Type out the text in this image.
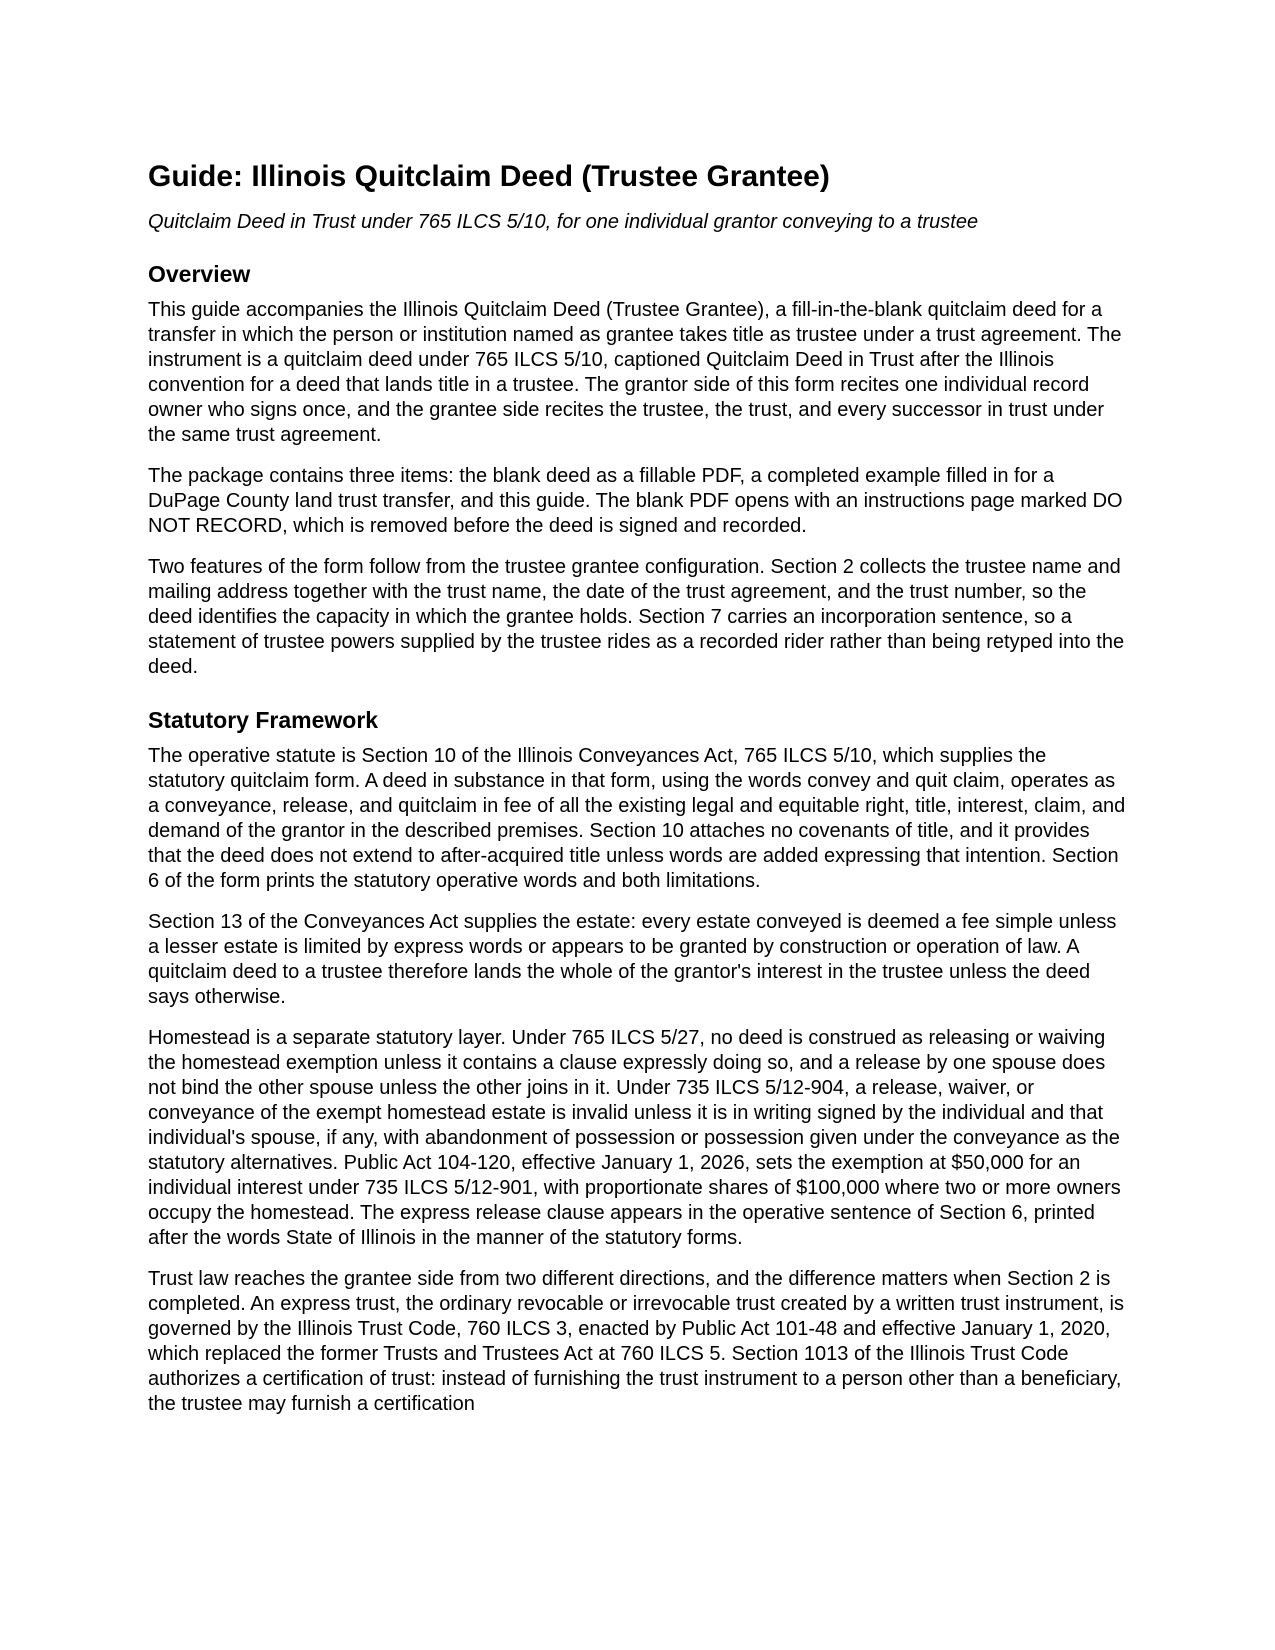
Guide: Illinois Quitclaim Deed (Trustee Grantee)

Quitclaim Deed in Trust under 765 ILCS 5/10, for one individual grantor conveying to a trustee

Overview

This guide accompanies the Illinois Quitclaim Deed (Trustee Grantee), a fill-in-the-blank quitclaim deed for a transfer in which the person or institution named as grantee takes title as trustee under a trust agreement. The instrument is a quitclaim deed under 765 ILCS 5/10, captioned Quitclaim Deed in Trust after the Illinois convention for a deed that lands title in a trustee. The grantor side of this form recites one individual record owner who signs once, and the grantee side recites the trustee, the trust, and every successor in trust under the same trust agreement.

The package contains three items: the blank deed as a fillable PDF, a completed example filled in for a DuPage County land trust transfer, and this guide. The blank PDF opens with an instructions page marked DO NOT RECORD, which is removed before the deed is signed and recorded.

Two features of the form follow from the trustee grantee configuration. Section 2 collects the trustee name and mailing address together with the trust name, the date of the trust agreement, and the trust number, so the deed identifies the capacity in which the grantee holds. Section 7 carries an incorporation sentence, so a statement of trustee powers supplied by the trustee rides as a recorded rider rather than being retyped into the deed.

Statutory Framework

The operative statute is Section 10 of the Illinois Conveyances Act, 765 ILCS 5/10, which supplies the statutory quitclaim form. A deed in substance in that form, using the words convey and quit claim, operates as a conveyance, release, and quitclaim in fee of all the existing legal and equitable right, title, interest, claim, and demand of the grantor in the described premises. Section 10 attaches no covenants of title, and it provides that the deed does not extend to after-acquired title unless words are added expressing that intention. Section 6 of the form prints the statutory operative words and both limitations.

Section 13 of the Conveyances Act supplies the estate: every estate conveyed is deemed a fee simple unless a lesser estate is limited by express words or appears to be granted by construction or operation of law. A quitclaim deed to a trustee therefore lands the whole of the grantor's interest in the trustee unless the deed says otherwise.

Homestead is a separate statutory layer. Under 765 ILCS 5/27, no deed is construed as releasing or waiving the homestead exemption unless it contains a clause expressly doing so, and a release by one spouse does not bind the other spouse unless the other joins in it. Under 735 ILCS 5/12-904, a release, waiver, or conveyance of the exempt homestead estate is invalid unless it is in writing signed by the individual and that individual's spouse, if any, with abandonment of possession or possession given under the conveyance as the statutory alternatives. Public Act 104-120, effective January 1, 2026, sets the exemption at $50,000 for an individual interest under 735 ILCS 5/12-901, with proportionate shares of $100,000 where two or more owners occupy the homestead. The express release clause appears in the operative sentence of Section 6, printed after the words State of Illinois in the manner of the statutory forms.

Trust law reaches the grantee side from two different directions, and the difference matters when Section 2 is completed. An express trust, the ordinary revocable or irrevocable trust created by a written trust instrument, is governed by the Illinois Trust Code, 760 ILCS 3, enacted by Public Act 101-48 and effective January 1, 2020, which replaced the former Trusts and Trustees Act at 760 ILCS 5. Section 1013 of the Illinois Trust Code authorizes a certification of trust: instead of furnishing the trust instrument to a person other than a beneficiary, the trustee may furnish a certification
